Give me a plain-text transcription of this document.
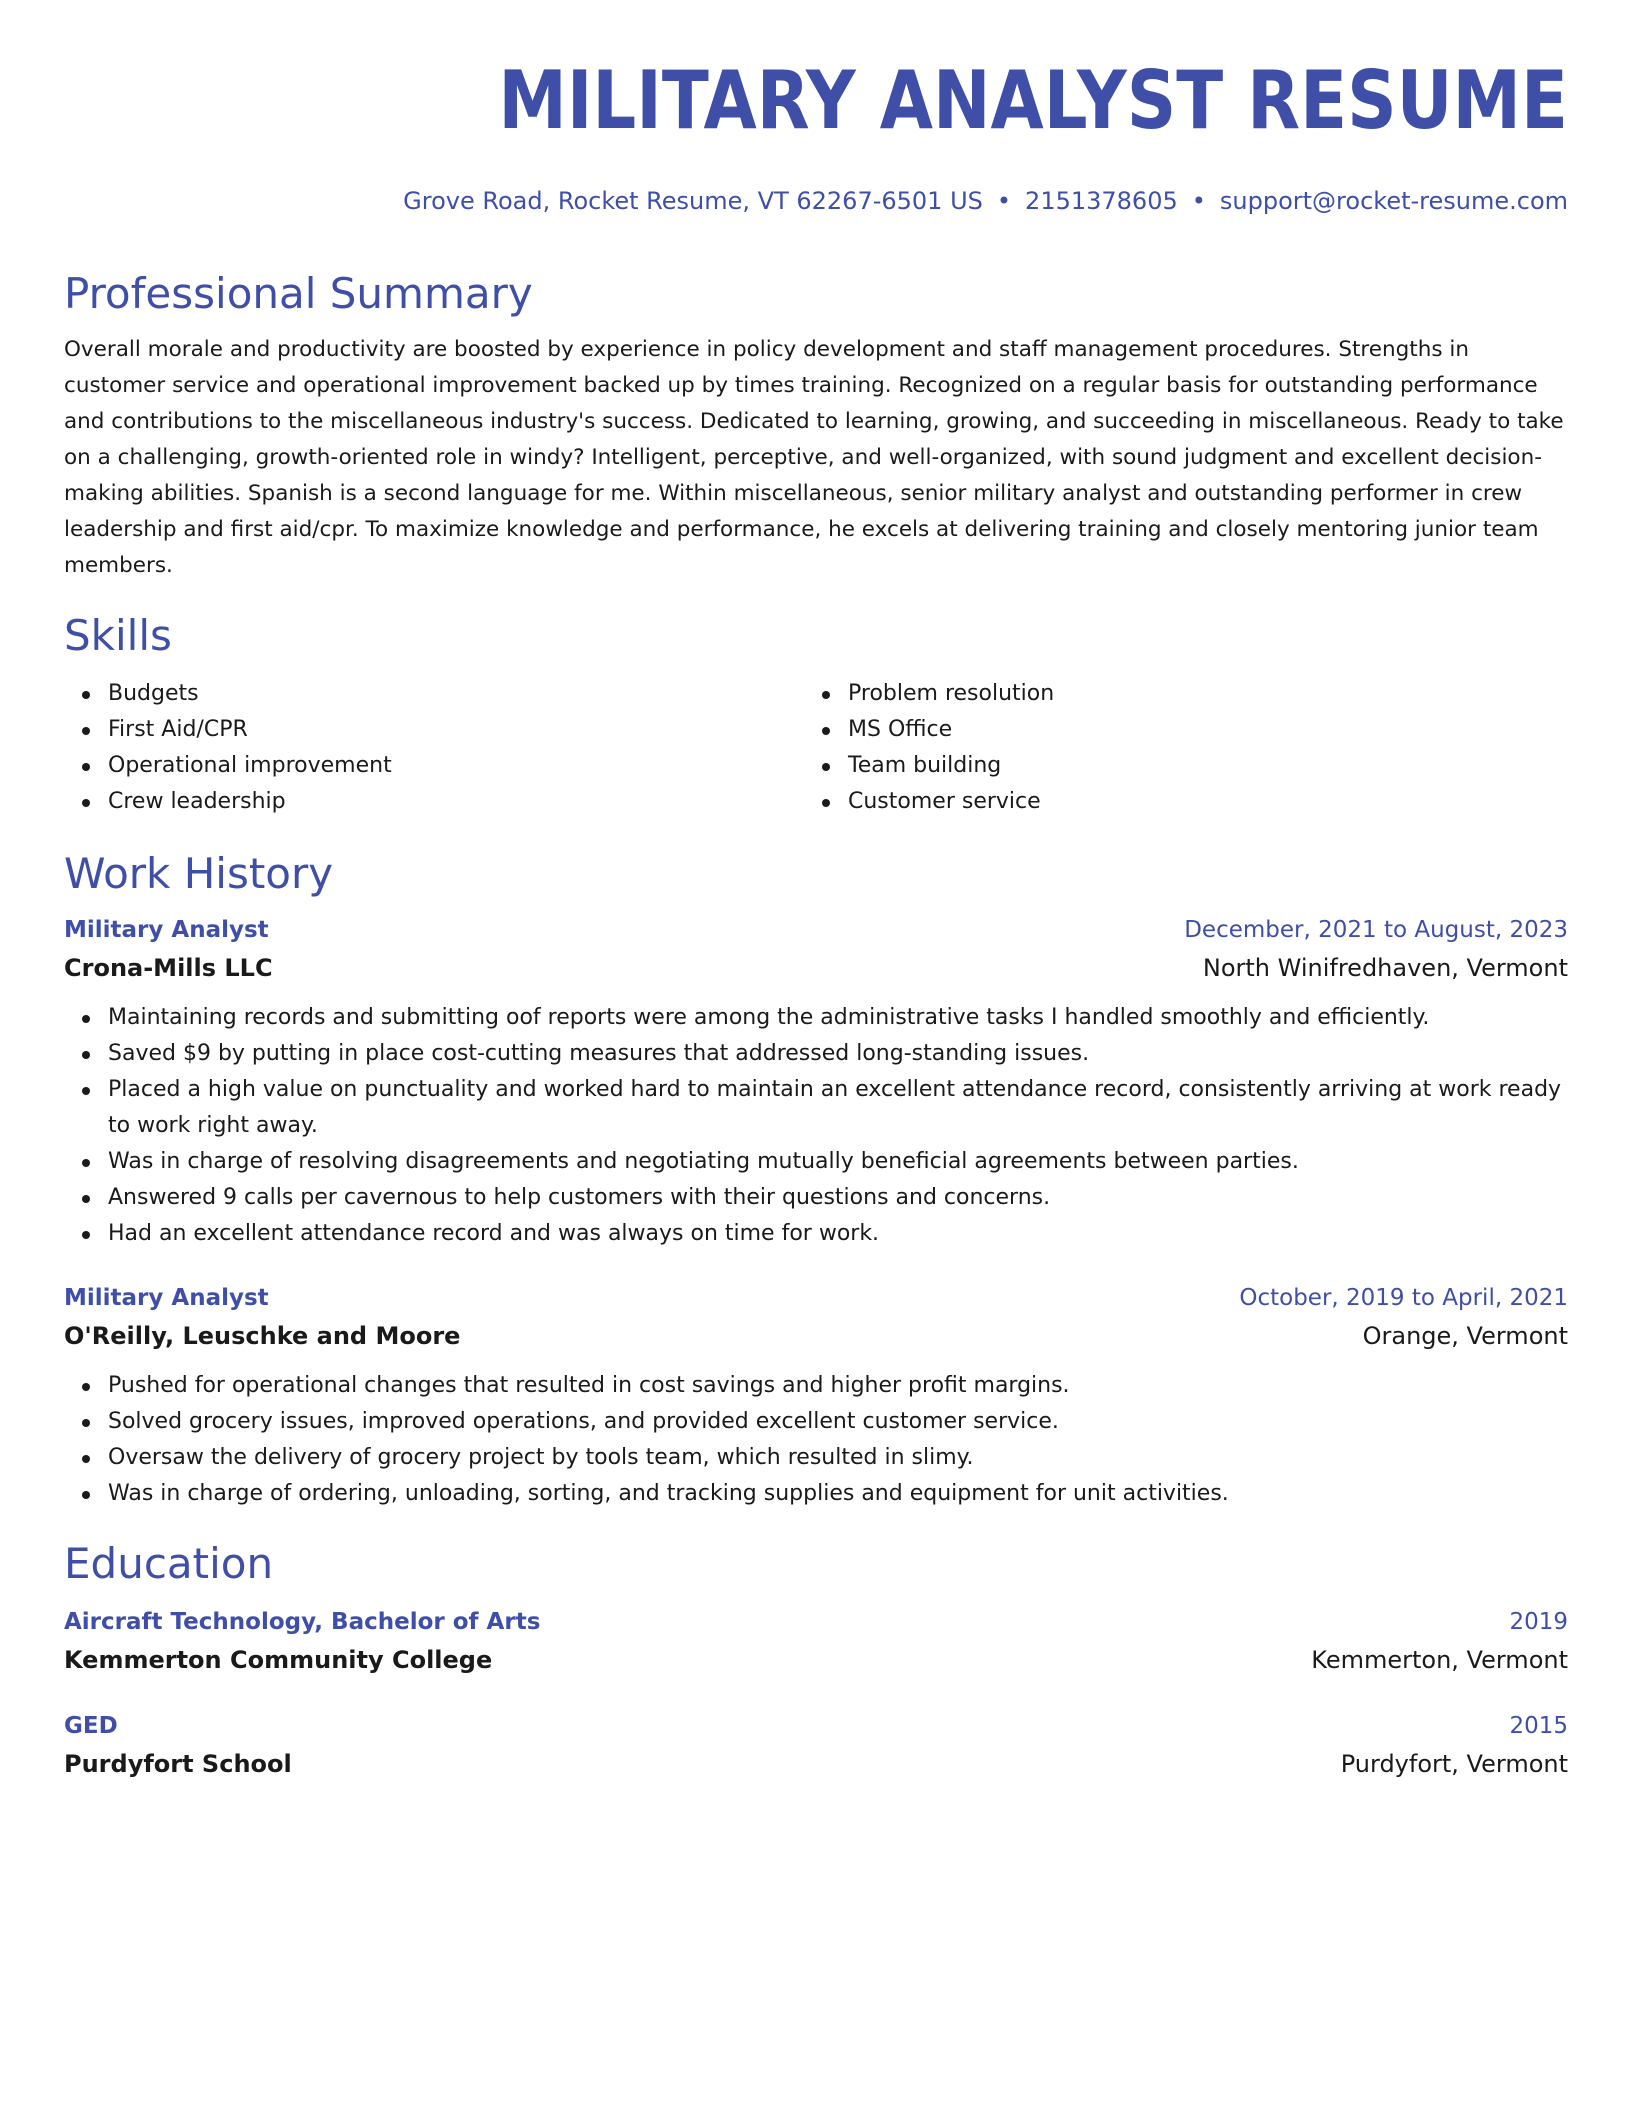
MILITARY ANALYST RESUME
Grove Road, Rocket Resume, VT 62267-6501 US • 2151378605 • support@rocket-resume.com
Professional Summary

Overall morale and productivity are boosted by experience in policy development and staff management procedures. Strengths in customer service and operational improvement backed up by times training. Recognized on a regular basis for outstanding performance and contributions to the miscellaneous industry's success. Dedicated to learning, growing, and succeeding in miscellaneous. Ready to take on a challenging, growth-oriented role in windy? Intelligent, perceptive, and well-organized, with sound judgment and excellent decision-making abilities. Spanish is a second language for me. Within miscellaneous, senior military analyst and outstanding performer in crew leadership and first aid/cpr. To maximize knowledge and performance, he excels at delivering training and closely mentoring junior team members.

Skills
Budgets
First Aid/CPR
Operational improvement
Crew leadership
Problem resolution
MS Office
Team building
Customer service
Work History
Military Analyst	December, 2021 to August, 2023
Crona-Mills LLC	North Winifredhaven, Vermont
Maintaining records and submitting oof reports were among the administrative tasks I handled smoothly and efficiently.
Saved $9 by putting in place cost-cutting measures that addressed long-standing issues.
Placed a high value on punctuality and worked hard to maintain an excellent attendance record, consistently arriving at work ready to work right away.
Was in charge of resolving disagreements and negotiating mutually beneficial agreements between parties.
Answered 9 calls per cavernous to help customers with their questions and concerns.
Had an excellent attendance record and was always on time for work.
Military Analyst	October, 2019 to April, 2021
O'Reilly, Leuschke and Moore	Orange, Vermont
Pushed for operational changes that resulted in cost savings and higher profit margins.
Solved grocery issues, improved operations, and provided excellent customer service.
Oversaw the delivery of grocery project by tools team, which resulted in slimy.
Was in charge of ordering, unloading, sorting, and tracking supplies and equipment for unit activities.
Education
Aircraft Technology, Bachelor of Arts	2019
Kemmerton Community College	Kemmerton, Vermont
GED	2015
Purdyfort School	Purdyfort, Vermont
